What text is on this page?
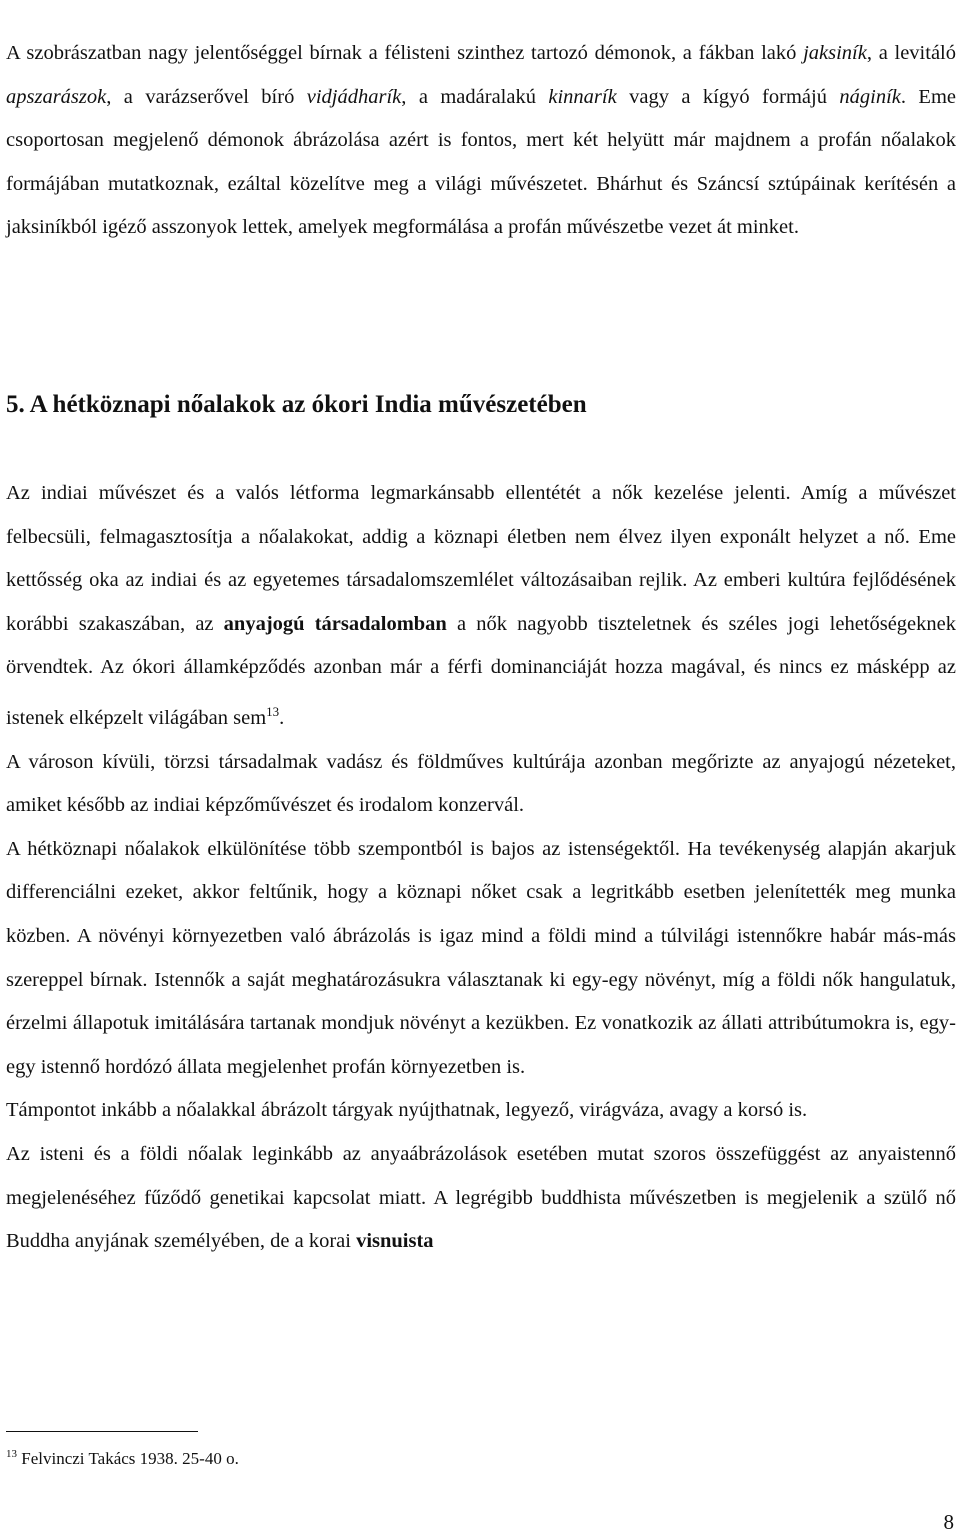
A szobrászatban nagy jelentőséggel bírnak a félisteni szinthez tartozó démonok, a fákban lakó jaksiník, a levitáló apszarászok, a varázserővel bíró vidjádharík, a madáralakú kinnarík vagy a kígyó formájú náginík. Eme csoportosan megjelenő démonok ábrázolása azért is fontos, mert két helyütt már majdnem a profán nőalakok formájában mutatkoznak, ezáltal közelítve meg a világi művészetet. Bhárhut és Száncsí sztúpáinak kerítésén a jaksiníkból igéző asszonyok lettek, amelyek megformálása a profán művészetbe vezet át minket.

5. A hétköznapi nőalakok az ókori India művészetében

Az indiai művészet és a valós létforma legmarkánsabb ellentétét a nők kezelése jelenti. Amíg a művészet felbecsüli, felmagasztosítja a nőalakokat, addig a köznapi életben nem élvez ilyen exponált helyzet a nő. Eme kettősség oka az indiai és az egyetemes társadalomszemlélet változásaiban rejlik. Az emberi kultúra fejlődésének korábbi szakaszában, az anyajogú társadalomban a nők nagyobb tiszteletnek és széles jogi lehetőségeknek örvendtek. Az ókori államképződés azonban már a férfi dominanciáját hozza magával, és nincs ez másképp az istenek elképzelt világában sem$^{13}$.

A városon kívüli, törzsi társadalmak vadász és földműves kultúrája azonban megőrizte az anyajogú nézeteket, amiket később az indiai képzőművészet és irodalom konzervál.

A hétköznapi nőalakok elkülönítése több szempontból is bajos az istenségektől. Ha tevékenység alapján akarjuk differenciálni ezeket, akkor feltűnik, hogy a köznapi nőket csak a legritkább esetben jelenítették meg munka közben. A növényi környezetben való ábrázolás is igaz mind a földi mind a túlvilági istennőkre habár más-más szereppel bírnak. Istennők a saját meghatározásukra választanak ki egy-egy növényt, míg a földi nők hangulatuk, érzelmi állapotuk imitálására tartanak mondjuk növényt a kezükben. Ez vonatkozik az állati attribútumokra is, egy-egy istennő hordózó állata megjelenhet profán környezetben is.

Támpontot inkább a nőalakkal ábrázolt tárgyak nyújthatnak, legyező, virágváza, avagy a korsó is.

Az isteni és a földi nőalak leginkább az anyaábrázolások esetében mutat szoros összefüggést az anyaistennő megjelenéséhez fűződő genetikai kapcsolat miatt. A legrégibb buddhista művészetben is megjelenik a szülő nő Buddha anyjának személyében, de a korai visnuista

$^{13}$ Felvinczi Takács 1938. 25-40 o.

8
